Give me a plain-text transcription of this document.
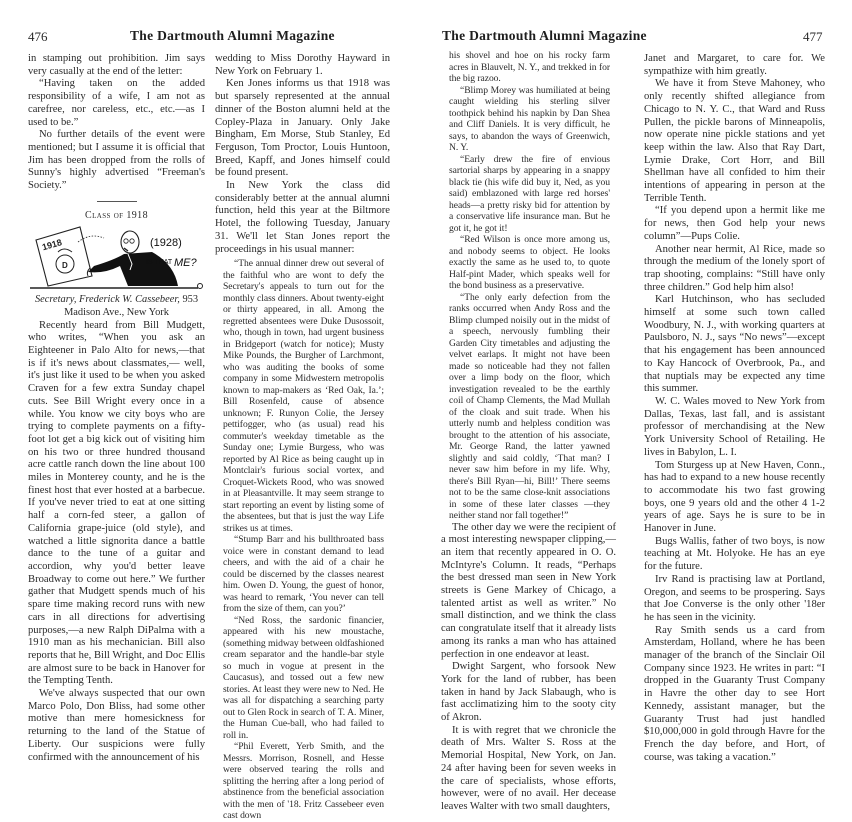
476	The Dartmouth Alumni Magazine

in stamping out prohibition. Jim says very casually at the end of the letter:

“Having taken on the added responsibility of a wife, I am not as carefree, nor careless, etc., etc.—as I used to be.”

No further details of the event were mentioned; but I assume it is official that Jim has been dropped from the rolls of Sunny's highly advertised “Freeman's Society.”

Class of 1918
1918
D
(1928)
IS THAT ME?

Secretary, Frederick W. Cassebeer, 953 Madison Ave., New York

Recently heard from Bill Mudgett, who writes, “When you ask an Eighteener in Palo Alto for news,—that is if it's news about classmates,— well, it's just like it used to be when you asked Craven for a few extra Sunday chapel cuts. See Bill Wright every once in a while. You know we city boys who are trying to complete payments on a fifty-foot lot get a big kick out of visiting him on his two or three hundred thousand acre cattle ranch down the line about 100 miles in Monterey county, and he is the finest host that ever hosted at a barbecue. If you've never tried to eat at one sitting half a corn-fed steer, a gallon of California grape-juice (old style), and watched a little signorita dance a battle dance to the tune of a guitar and accordion, why you'd better leave Broadway to come out here.” We further gather that Mudgett spends much of his spare time making record runs with new cars in all directions for advertising purposes,—a new Ralph DiPalma with a 1910 man as his mechanician. Bill also reports that he, Bill Wright, and Doc Ellis are almost sure to be back in Hanover for the Tempting Tenth.

We've always suspected that our own Marco Polo, Don Bliss, had some other motive than mere homesickness for returning to the land of the Statue of Liberty. Our suspicions were fully confirmed with the announcement of his

wedding to Miss Dorothy Hayward in New York on February 1.

Ken Jones informs us that 1918 was but sparsely represented at the annual dinner of the Boston alumni held at the Copley-Plaza in January. Only Jake Bingham, Em Morse, Stub Stanley, Ed Ferguson, Tom Proctor, Louis Huntoon, Breed, Kapff, and Jones himself could be found present.

In New York the class did considerably better at the annual alumni function, held this year at the Biltmore Hotel, the following Tuesday, January 31. We'll let Stan Jones report the proceedings in his usual manner:

“The annual dinner drew out several of the faithful who are wont to defy the Secretary's appeals to turn out for the monthly class dinners. About twenty-eight or thirty appeared, in all. Among the regretted absentees were Duke Dusossoit, who, though in town, had urgent business in Bridgeport (watch for notice); Musty Mike Pounds, the Burgher of Larchmont, who was auditing the books of some company in some Midwestern metropolis known to map-makers as ‘Red Oak, Ia.’; Bill Rosenfeld, cause of absence unknown; F. Runyon Colie, the Jersey pettifogger, who (as usual) read his commuter's weekday timetable as the Sunday one; Lymie Burgess, who was reported by Al Rice as being caught up in Montclair's furious social vortex, and Croquet-Wickets Rood, who was snowed in at Pleasantville. It may seem strange to start reporting an event by listing some of the absentees, but that is just the way Life strikes us at times.

“Stump Barr and his bullthroated bass voice were in constant demand to lead cheers, and with the aid of a chair he could be discerned by the classes nearest him. Owen D. Young, the guest of honor, was heard to remark, ‘You never can tell from the size of them, can you?’

“Ned Ross, the sardonic financier, appeared with his new moustache, (something midway between oldfashioned cream separator and the handle-bar style so much in vogue at present in the Caucasus), and tossed out a few new stories. At least they were new to Ned. He was all for dispatching a searching party out to Glen Rock in search of T. A. Miner, the Human Cue-ball, who had failed to roll in.

“Phil Everett, Yerb Smith, and the Messrs. Morrison, Rosnell, and Hesse were observed tearing the rolls and splitting the herring after a long period of abstinence from the beneficial association with the men of '18. Fritz Cassebeer even cast down

The Dartmouth Alumni Magazine	477

his shovel and hoe on his rocky farm acres in Blauvelt, N. Y., and trekked in for the big razoo.

“Blimp Morey was humiliated at being caught wielding his sterling silver toothpick behind his napkin by Dan Shea and Cliff Daniels. It is very difficult, he says, to abandon the ways of Greenwich, N. Y.

“Early drew the fire of envious sartorial sharps by appearing in a snappy black tie (his wife did buy it, Ned, as you said) emblazoned with large red horses' heads—a pretty risky bid for attention by a conservative life insurance man. But he got it, he got it!

“Red Wilson is once more among us, and nobody seems to object. He looks exactly the same as he used to, to quote Half-pint Mader, which speaks well for the bond business as a preservative.

“The only early defection from the ranks occurred when Andy Ross and the Blimp clumped noisily out in the midst of a speech, nervously fumbling their Garden City timetables and adjusting the velvet earlaps. It might not have been made so noticeable had they not fallen over a limp body on the floor, which investigation revealed to be the earthly coil of Champ Clements, the Mad Mullah of the cloak and suit trade. When his utterly numb and helpless condition was brought to the attention of his associate, Mr. George Rand, the latter yawned slightly and said coldly, ‘That man? I never saw him before in my life. Why, there's Bill Ryan—hi, Bill!’ There seems not to be the same close-knit associations in some of these later classes —they neither stand nor fall together!”

The other day we were the recipient of a most interesting newspaper clipping,—an item that recently appeared in O. O. McIntyre's Column. It reads, “Perhaps the best dressed man seen in New York streets is Gene Markey of Chicago, a talented artist as well as writer.” No small distinction, and we think the class can congratulate itself that it already lists among its ranks a man who has attained perfection in one endeavor at least.

Dwight Sargent, who forsook New York for the land of rubber, has been taken in hand by Jack Slabaugh, who is fast acclimatizing him to the sooty city of Akron.

It is with regret that we chronicle the death of Mrs. Walter S. Ross at the Memorial Hospital, New York, on Jan. 24 after having been for seven weeks in the care of specialists, whose efforts, however, were of no avail. Her decease leaves Walter with two small daughters,

Janet and Margaret, to care for. We sympathize with him greatly.

We have it from Steve Mahoney, who only recently shifted allegiance from Chicago to N. Y. C., that Ward and Russ Pullen, the pickle barons of Minneapolis, now operate nine pickle stations and yet keep within the law. Also that Ray Dart, Lymie Drake, Cort Horr, and Bill Shellman have all confided to him their intentions of appearing in person at the Terrible Tenth.

“If you depend upon a hermit like me for news, then God help your news column”—Pups Colie.

Another near hermit, Al Rice, made so through the medium of the lonely sport of trap shooting, complains: “Still have only three children.” God help him also!

Karl Hutchinson, who has secluded himself at some such town called Woodbury, N. J., with working quarters at Paulsboro, N. J., says “No news”—except that his engagement has been announced to Kay Hancock of Overbrook, Pa., and that nuptials may be expected any time this summer.

W. C. Wales moved to New York from Dallas, Texas, last fall, and is assistant professor of merchandising at the New York University School of Retailing. He lives in Babylon, L. I.

Tom Sturgess up at New Haven, Conn., has had to expand to a new house recently to accommodate his two fast growing boys, one 9 years old and the other 4 1-2 years of age. Says he is sure to be in Hanover in June.

Bugs Wallis, father of two boys, is now teaching at Mt. Holyoke. He has an eye for the future.

Irv Rand is practising law at Portland, Oregon, and seems to be prospering. Says that Joe Converse is the only other '18er he has seen in the vicinity.

Ray Smith sends us a card from Amsterdam, Holland, where he has been manager of the branch of the Sinclair Oil Company since 1923. He writes in part: “I dropped in the Guaranty Trust Company in Havre the other day to see Hort Kennedy, assistant manager, but the Guaranty Trust had just handled $10,000,000 in gold through Havre for the French the day before, and Hort, of course, was taking a vacation.”
